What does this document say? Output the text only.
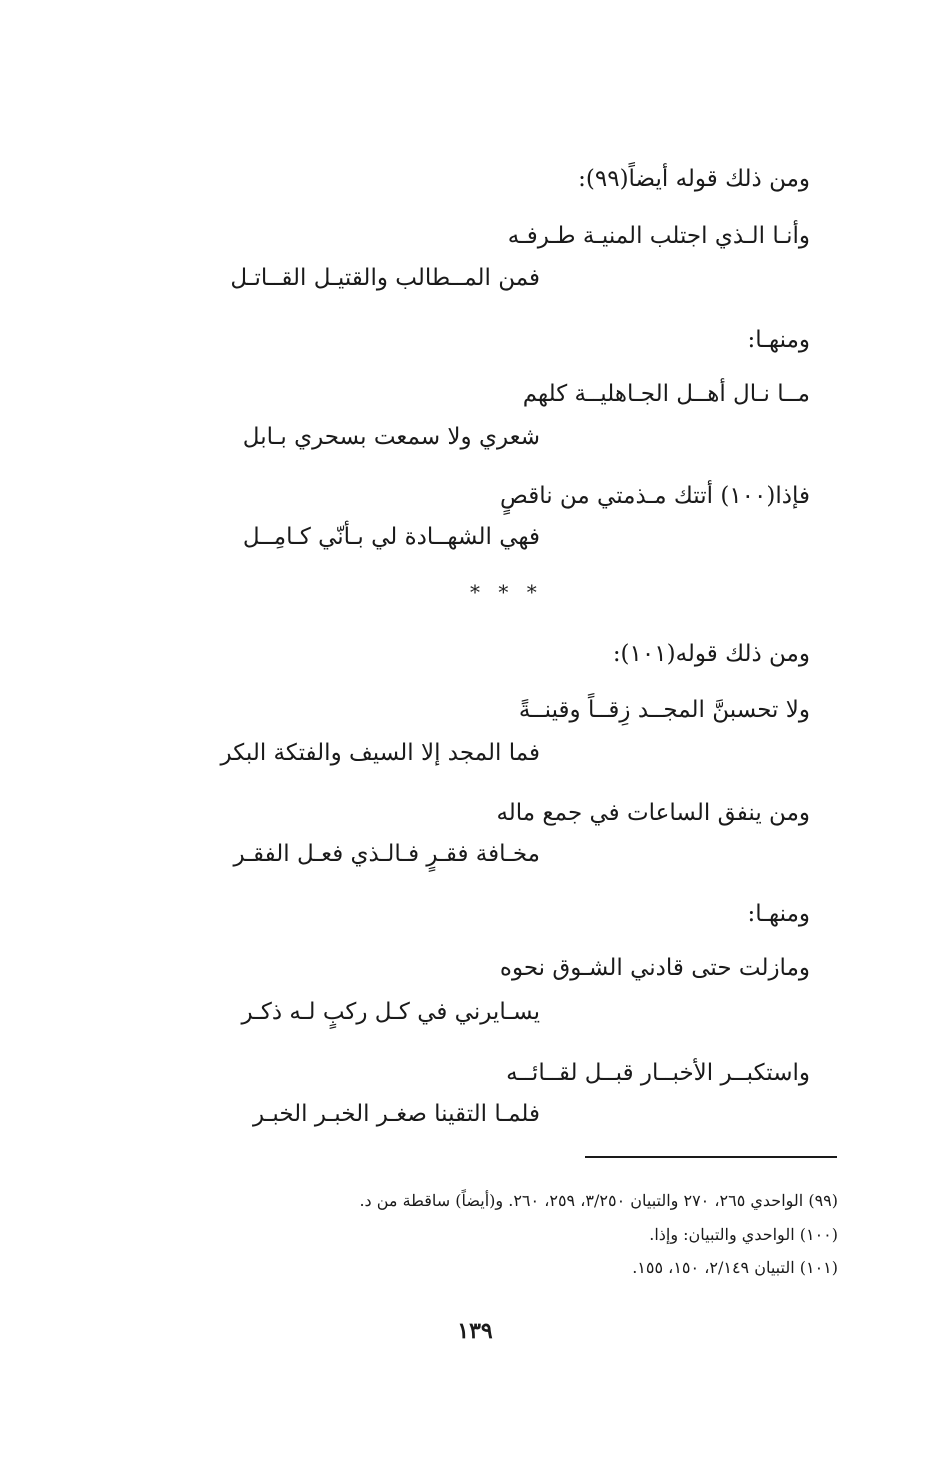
ومن ذلك قوله أيضاً(٩٩):
وأنـا الـذي اجتلب المنيـة طـرفـه
فمن المــطالب والقتيـل القــاتـل
ومنهـا:
مــا نـال أهــل الجـاهليــة كلهم
شعري ولا سمعت بسحري بـابل
فإذا(١٠٠) أتتك مـذمتي من ناقصٍ
فهي الشهــادة لي بـأنّي كـامِــل
* * *
ومن ذلك قوله(١٠١):
ولا تحسبنَّ المجــد زِقــاً وقينــةً
فما المجد إلا السيف والفتكة البكر
ومن ينفق الساعات في جمع ماله
مخـافة فقـرٍ فـالـذي فعـل الفقـر
ومنهـا:
ومازلت حتى قادني الشـوق نحوه
يسـايرني في كـل ركبٍ لـه ذكـر
واستكبــر الأخبــار قبــل لقــائــه
فلمـا التقينا صغـر الخبـر الخبـر
(٩٩) الواحدي ٢٦٥، ٢٧٠ والتبيان ٣/٢٥٠، ٢٥٩، ٢٦٠. و(أيضاً) ساقطة من د.
(١٠٠) الواحدي والتبيان: وإذا.
(١٠١) التبيان ٢/١٤٩، ١٥٠، ١٥٥.
١٣٩
